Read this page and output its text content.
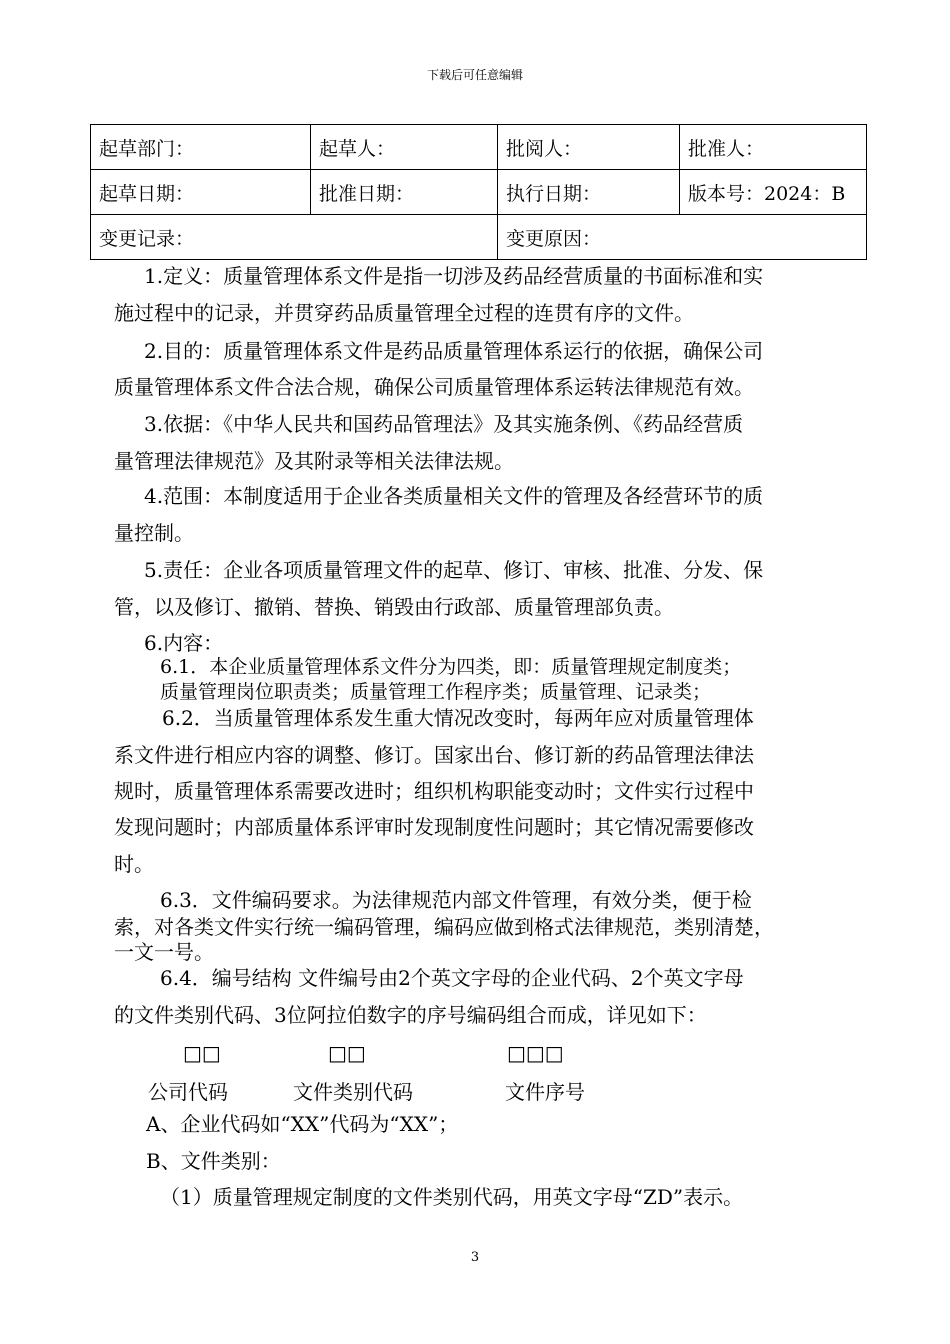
下载后可任意编辑
起草部门：	起草人：	批阅人：	批准人：
起草日期：	批准日期：	执行日期：	版本号：2024：B
变更记录：		变更原因：	
1.定义：质量管理体系文件是指一切涉及药品经营质量的书面标准和实
施过程中的记录，并贯穿药品质量管理全过程的连贯有序的文件。
2.目的：质量管理体系文件是药品质量管理体系运行的依据，确保公司
质量管理体系文件合法合规，确保公司质量管理体系运转法律规范有效。
3.依据：《中华人民共和国药品管理法》及其实施条例、《药品经营质
量管理法律规范》及其附录等相关法律法规。
4.范围：本制度适用于企业各类质量相关文件的管理及各经营环节的质
量控制。
5.责任：企业各项质量管理文件的起草、修订、审核、批准、分发、保
管，以及修订、撤销、替换、销毁由行政部、质量管理部负责。
6.内容：
6.1．本企业质量管理体系文件分为四类，即：质量管理规定制度类；
质量管理岗位职责类；质量管理工作程序类；质量管理、记录类；
6.2．当质量管理体系发生重大情况改变时，每两年应对质量管理体
系文件进行相应内容的调整、修订。国家出台、修订新的药品管理法律法
规时，质量管理体系需要改进时；组织机构职能变动时；文件实行过程中
发现问题时；内部质量体系评审时发现制度性问题时；其它情况需要修改
时。
6.3．文件编码要求。为法律规范内部文件管理，有效分类，便于检
索，对各类文件实行统一编码管理，编码应做到格式法律规范，类别清楚，
一文一号。
6.4．编号结构 文件编号由2个英文字母的企业代码、2个英文字母
的文件类别代码、3位阿拉伯数字的序号编码组合而成，详见如下：
□□	□□	□□□
公司代码	文件类别代码	文件序号
A、企业代码如“XX”代码为“XX”；
B、文件类别：
（1）质量管理规定制度的文件类别代码，用英文字母“ZD”表示。
3
